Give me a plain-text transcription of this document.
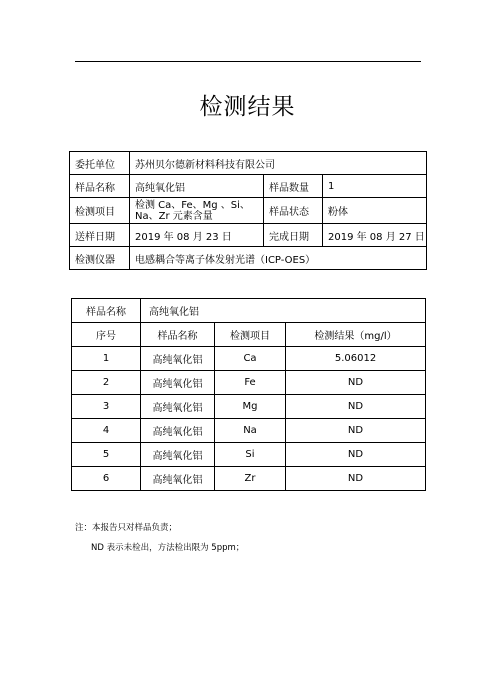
检测结果
委托单位	苏州贝尔德新材料科技有限公司		
样品名称	高纯氧化铝	样品数量	1
检测项目	检测 Ca、Fe、Mg 、Si、Na、Zr 元素含量	样品状态	粉体
送样日期	2019 年 08 月 23 日	完成日期	2019 年 08 月 27 日
检测仪器	电感耦合等离子体发射光谱（ICP-OES）		
样品名称	高纯氧化铝		
序号	样品名称	检测项目	检测结果（mg/l）
1	高纯氧化铝	Ca	5.06012
2	高纯氧化铝	Fe	ND
3	高纯氧化铝	Mg	ND
4	高纯氧化铝	Na	ND
5	高纯氧化铝	Si	ND
6	高纯氧化铝	Zr	ND
注：本报告只对样品负责；
ND 表示未检出，方法检出限为 5ppm；
